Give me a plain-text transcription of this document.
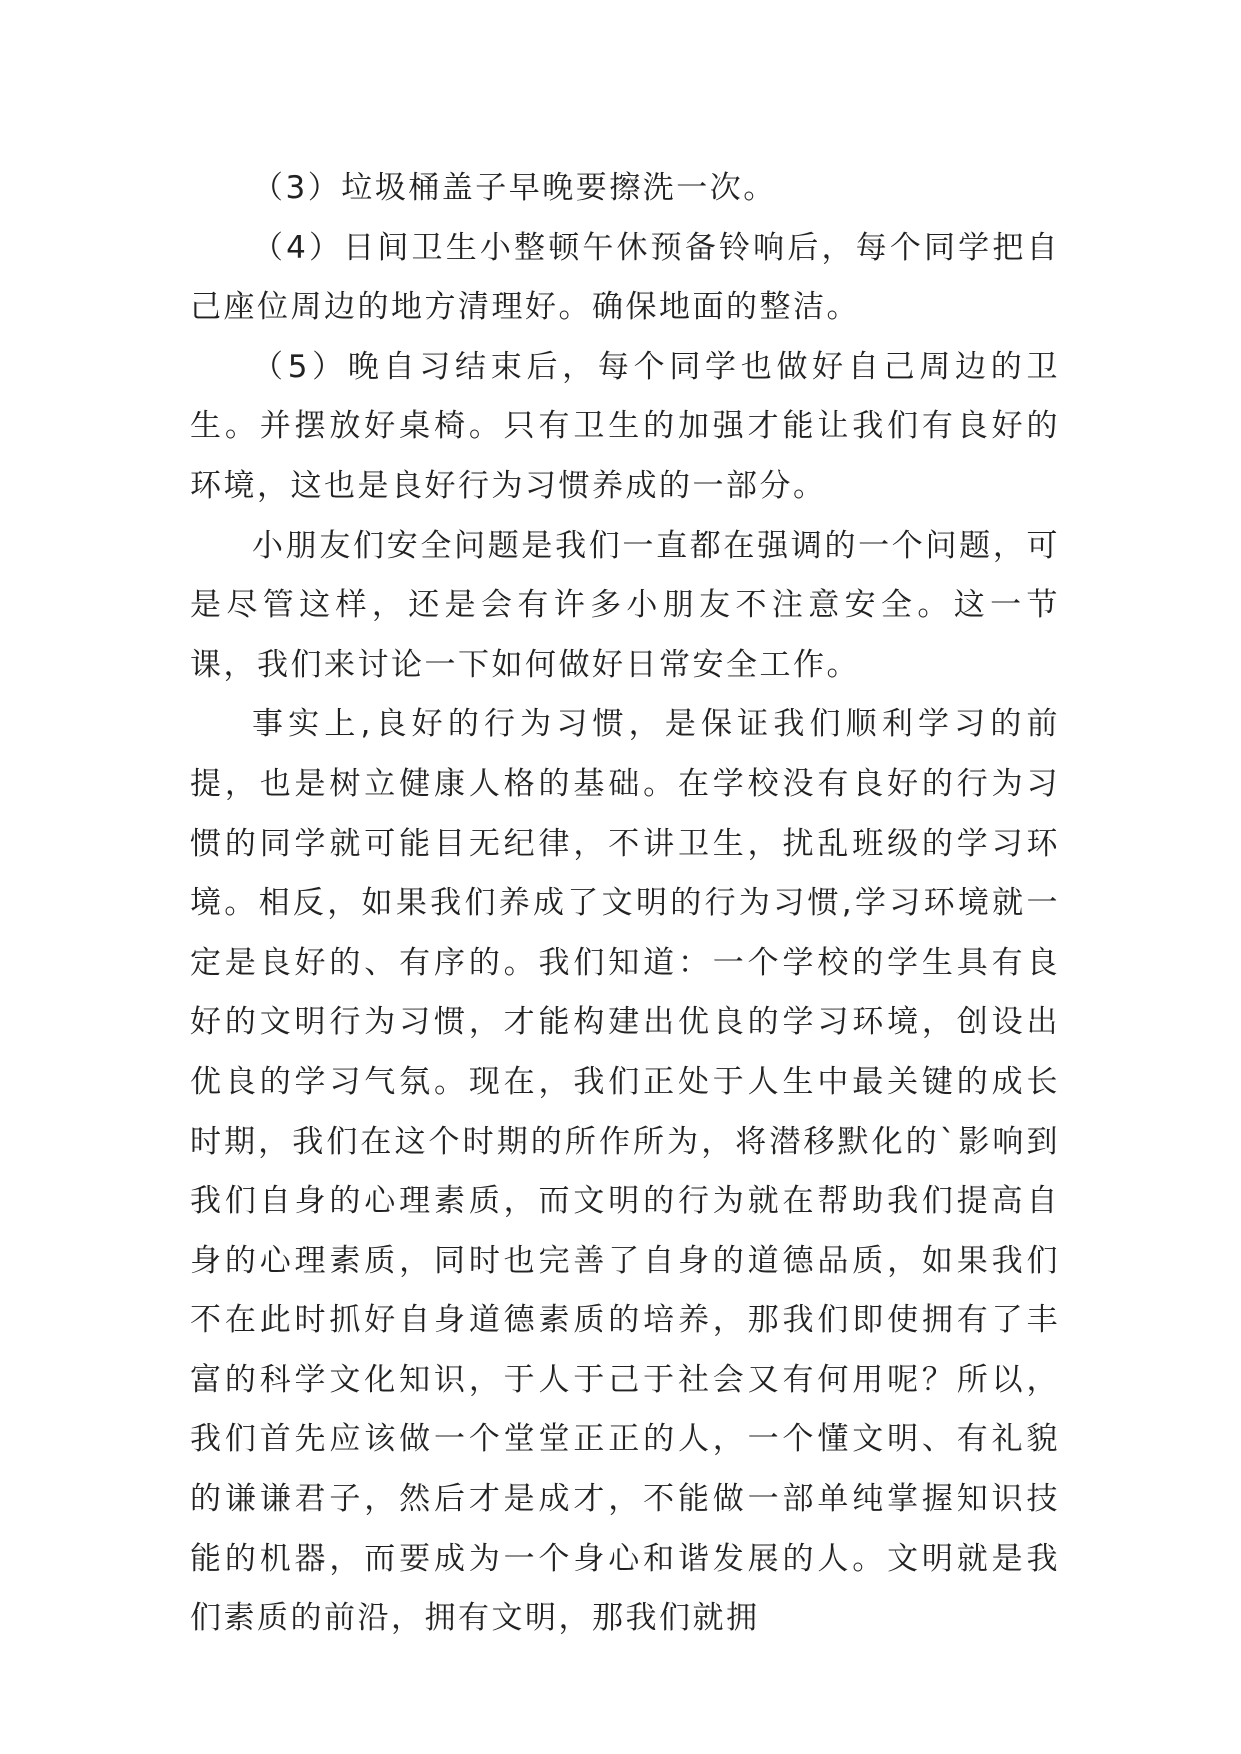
（3）垃圾桶盖子早晚要擦洗一次。

（4）日间卫生小整顿午休预备铃响后，每个同学把自己座位周边的地方清理好。确保地面的整洁。

（5）晚自习结束后，每个同学也做好自己周边的卫生。并摆放好桌椅。只有卫生的加强才能让我们有良好的环境，这也是良好行为习惯养成的一部分。

小朋友们安全问题是我们一直都在强调的一个问题，可是尽管这样，还是会有许多小朋友不注意安全。这一节课，我们来讨论一下如何做好日常安全工作。

事实上,良好的行为习惯，是保证我们顺利学习的前提，也是树立健康人格的基础。在学校没有良好的行为习惯的同学就可能目无纪律，不讲卫生，扰乱班级的学习环境。相反，如果我们养成了文明的行为习惯,学习环境就一定是良好的、有序的。我们知道：一个学校的学生具有良好的文明行为习惯，才能构建出优良的学习环境，创设出优良的学习气氛。现在，我们正处于人生中最关键的成长时期，我们在这个时期的所作所为，将潜移默化的`影响到我们自身的心理素质，而文明的行为就在帮助我们提高自身的心理素质，同时也完善了自身的道德品质，如果我们不在此时抓好自身道德素质的培养，那我们即使拥有了丰富的科学文化知识，于人于己于社会又有何用呢？所以，我们首先应该做一个堂堂正正的人，一个懂文明、有礼貌的谦谦君子，然后才是成才，不能做一部单纯掌握知识技能的机器，而要成为一个身心和谐发展的人。文明就是我们素质的前沿，拥有文明，那我们就拥
